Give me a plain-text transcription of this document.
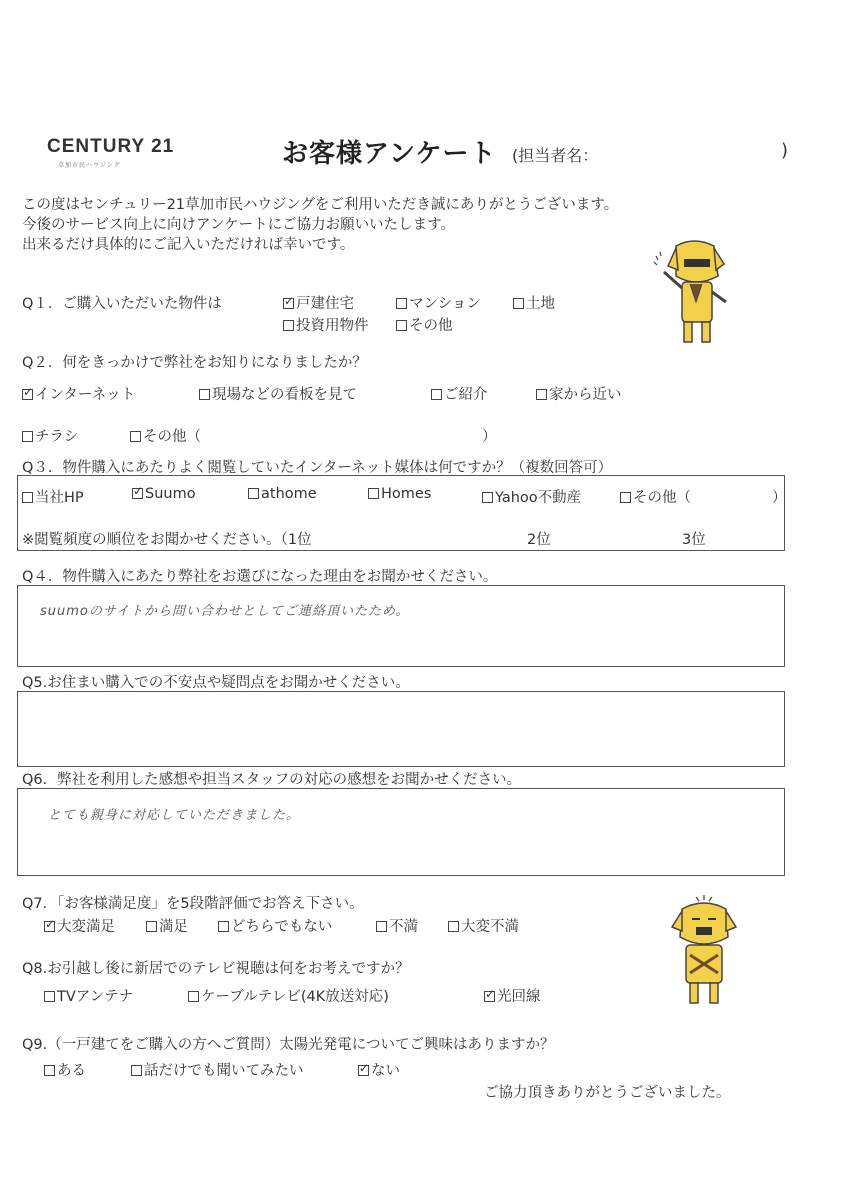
CENTURY 21
草加市民ハウジング	お客様アンケート (担当者名：	)
この度はセンチュリー21草加市民ハウジングをご利用いただき誠にありがとうございます。
今後のサービス向上に向けアンケートにご協力お願いいたします。
出来るだけ具体的にご記入いただければ幸いです。
Q１．ご購入いただいた物件は ✓	戸建住宅	マンション	土地
投資用物件	その他
Q２．何をきっかけで弊社をお知りになりましたか？
✓インターネット	現場などの看板を見て	ご紹介	家から近い
チラシ	その他（	）
Q３．物件購入にあたりよく閲覧していたインターネット媒体は何ですか？（複数回答可）
当社HP ✓	Suumo	athome	Homes	Yahoo不動産	その他（	）
※閲覧頻度の順位をお聞かせください。（1位	2位	3位
Q４．物件購入にあたり弊社をお選びになった理由をお聞かせください。
suumoのサイトから問い合わせとしてご連絡頂いたため。
Q5.お住まい購入での不安点や疑問点をお聞かせください。
Q6．弊社を利用した感想や担当スタッフの対応の感想をお聞かせください。
とても親身に対応していただきました。
Q7．「お客様満足度」を5段階評価でお答え下さい。
✓大変満足	満足	どちらでもない	不満	大変不満
Q8.お引越し後に新居でのテレビ視聴は何をお考えですか？
TVアンテナ	ケーブルテレビ(4K放送対応) ✓	光回線
Q9.（一戸建てをご購入の方へご質問）太陽光発電についてご興味はありますか？
ある	話だけでも聞いてみたい ✓	ない
ご協力頂きありがとうございました。
